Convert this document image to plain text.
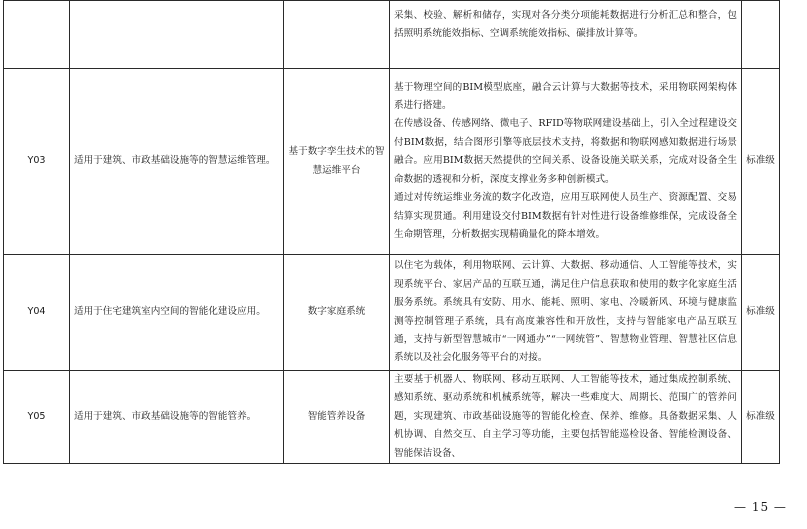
			采集、校验、解析和储存，实现对各分类分项能耗数据进行分析汇总和整合，包括照明系统能效指标、空调系统能效指标、碳排放计算等。	

Y03	适用于建筑、市政基础设施等的智慧运维管理。	基于数字孪生技术的智慧运维平台	基于物理空间的BIM模型底座，融合云计算与大数据等技术，采用物联网架构体系进行搭建。
在传感设备、传感网络、微电子、RFID等物联网建设基础上，引入全过程建设交付BIM数据，结合图形引擎等底层技术支持，将数据和物联网感知数据进行场景融合。应用BIM数据天然提供的空间关系、设备设施关联关系，完成对设备全生命数据的透视和分析，深度支撑业务多种创新模式。
通过对传统运维业务流的数字化改造，应用互联网使人员生产、资源配置、交易结算实现贯通。利用建设交付BIM数据有针对性进行设备维修维保，完成设备全生命期管理，分析数据实现精确量化的降本增效。	标准级
Y04	适用于住宅建筑室内空间的智能化建设应用。	数字家庭系统	以住宅为载体，利用物联网、云计算、大数据、移动通信、人工智能等技术，实现系统平台、家居产品的互联互通，满足住户信息获取和使用的数字化家庭生活服务系统。系统具有安防、用水、能耗、照明、家电、冷暖新风、环境与健康监测等控制管理子系统，具有高度兼容性和开放性，支持与智能家电产品互联互通，支持与新型智慧城市“一网通办”“一网统管”、智慧物业管理、智慧社区信息系统以及社会化服务等平台的对接。	标准级
Y05	适用于建筑、市政基础设施等的智能管养。	智能管养设备	主要基于机器人、物联网、移动互联网、人工智能等技术，通过集成控制系统、感知系统、驱动系统和机械系统等，解决一些难度大、周期长、范围广的管养问题，实现建筑、市政基础设施等的智能化检查、保养、维修。具备数据采集、人机协调、自然交互、自主学习等功能，主要包括智能巡检设备、智能检测设备、智能保洁设备、	标准级
— 15 —
